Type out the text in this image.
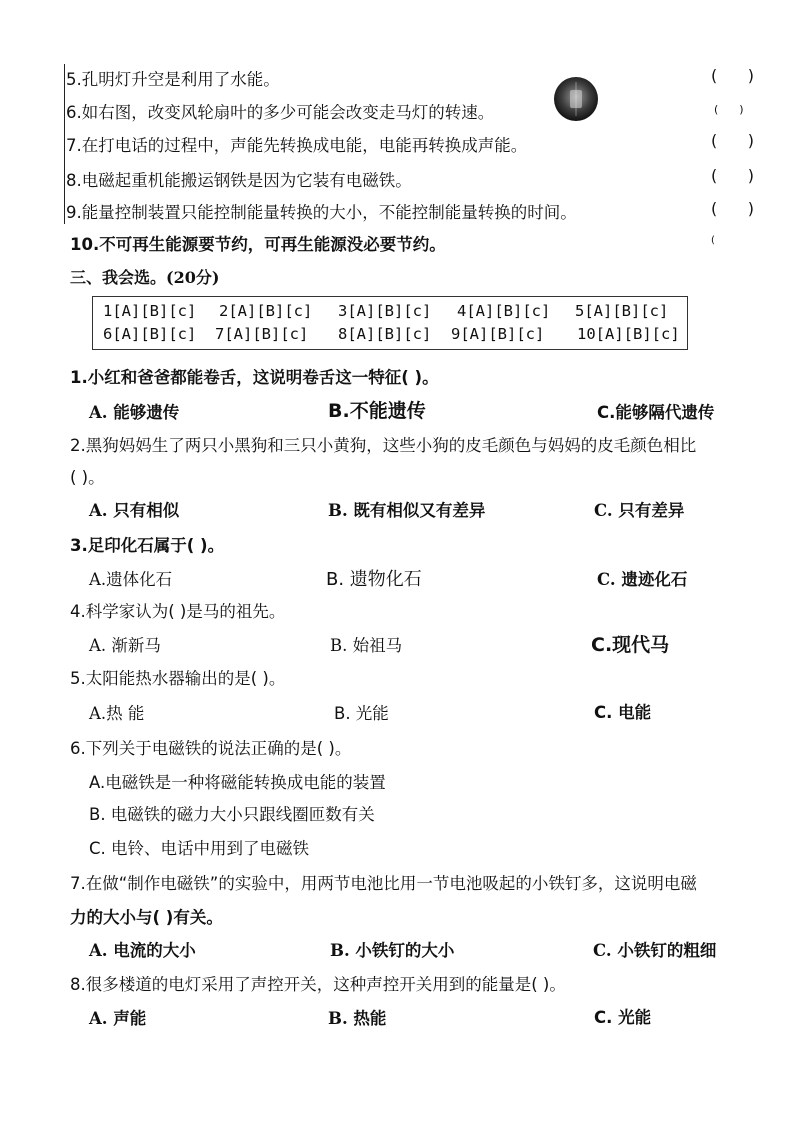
5.孔明灯升空是利用了水能。	(      )
6.如右图，改变风轮扇叶的多少可能会改变走马灯的转速。	(      )
7.在打电话的过程中，声能先转换成电能，电能再转换成声能。	(      )
8.电磁起重机能搬运钢铁是因为它装有电磁铁。	(      )
9.能量控制装置只能控制能量转换的大小，不能控制能量转换的时间。	(      )
10.不可再生能源要节约，可再生能源没必要节约。	(
三、我会选。(20分)
1[A][B][c] 2[A][B][c] 3[A][B][c] 4[A][B][c] 5[A][B][c]
6[A][B][c] 7[A][B][c] 8[A][B][c] 9[A][B][c] 10[A][B][c]
1.小红和爸爸都能卷舌，这说明卷舌这一特征( )。
A. 能够遗传	B.不能遗传	C.能够隔代遗传
2.黑狗妈妈生了两只小黑狗和三只小黄狗，这些小狗的皮毛颜色与妈妈的皮毛颜色相比
( )。
A. 只有相似	B. 既有相似又有差异	C. 只有差异
3.足印化石属于( )。
A.遗体化石	B. 遗物化石	C. 遗迹化石
4.科学家认为( )是马的祖先。
A. 渐新马	B. 始祖马	C.现代马
5.太阳能热水器输出的是( )。
A.热 能	B. 光能	C. 电能
6.下列关于电磁铁的说法正确的是( )。
A.电磁铁是一种将磁能转换成电能的装置
B. 电磁铁的磁力大小只跟线圈匝数有关
C. 电铃、电话中用到了电磁铁
7.在做“制作电磁铁”的实验中，用两节电池比用一节电池吸起的小铁钉多，这说明电磁
力的大小与( )有关。
A. 电流的大小	B. 小铁钉的大小	C. 小铁钉的粗细
8.很多楼道的电灯采用了声控开关，这种声控开关用到的能量是( )。
A. 声能	B. 热能	C. 光能
